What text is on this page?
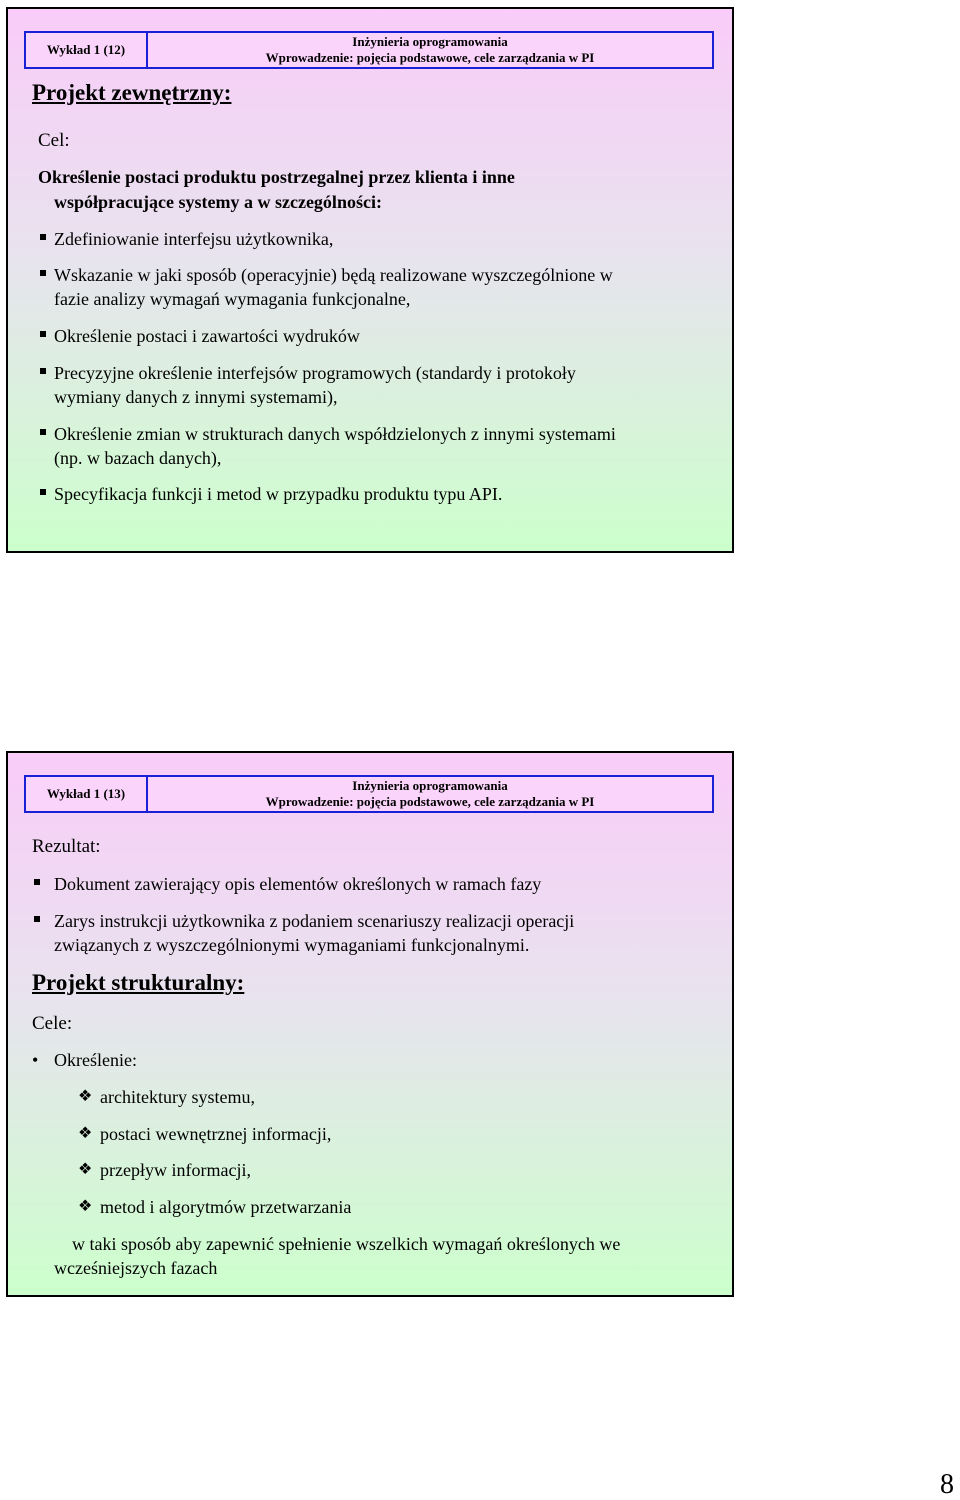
Wykład 1 (12)
Inżynieria oprogramowania
Wprowadzenie: pojęcia podstawowe, cele zarządzania w PI
Projekt zewnętrzny:
Cel:
Określenie postaci produktu postrzegalnej przez klienta i inne
współpracujące systemy a w szczególności:
Zdefiniowanie interfejsu użytkownika,
Wskazanie w jaki sposób (operacyjnie) będą realizowane wyszczególnione w
fazie analizy wymagań wymagania funkcjonalne,
Określenie postaci i zawartości wydruków
Precyzyjne określenie interfejsów programowych (standardy i protokoły
wymiany danych z innymi systemami),
Określenie zmian w strukturach danych współdzielonych z innymi systemami
(np. w bazach danych),
Specyfikacja funkcji i metod w przypadku produktu typu API.
Wykład 1 (13)
Inżynieria oprogramowania
Wprowadzenie: pojęcia podstawowe, cele zarządzania w PI
Rezultat:
Dokument zawierający opis elementów określonych w ramach fazy
Zarys instrukcji użytkownika z podaniem scenariuszy realizacji operacji
związanych z wyszczególnionymi wymaganiami funkcjonalnymi.
Projekt strukturalny:
Cele:
• Określenie:
❖ architektury systemu,
❖ postaci wewnętrznej informacji,
❖ przepływ informacji,
❖ metod i algorytmów przetwarzania
w taki sposób aby zapewnić spełnienie wszelkich wymagań określonych we
wcześniejszych fazach
8
